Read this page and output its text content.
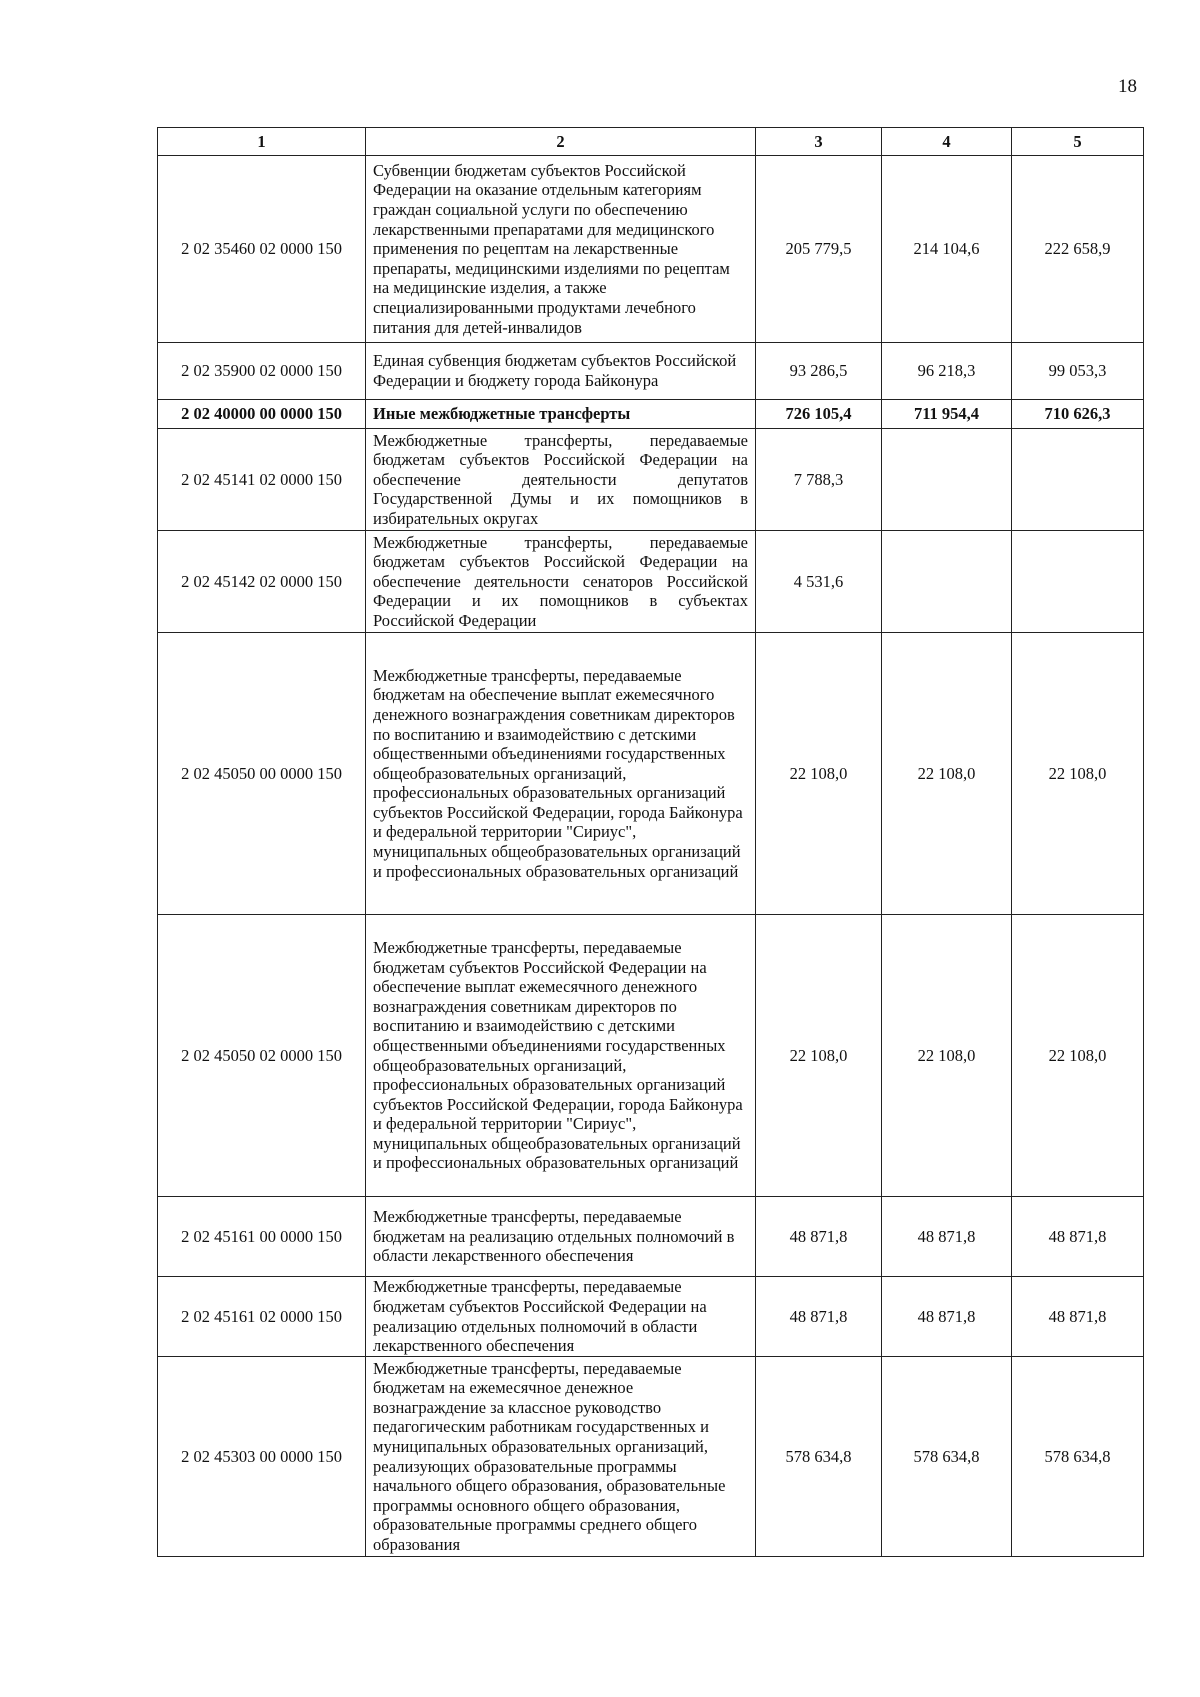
18
1	2	3	4	5
2 02 35460 02 0000 150	Субвенции бюджетам субъектов Российской Федерации на оказание отдельным категориям граждан социальной услуги по обеспечению лекарственными препаратами для медицинского применения по рецептам на лекарственные препараты, медицинскими изделиями по рецептам на медицинские изделия, а также специализированными продуктами лечебного питания для детей-инвалидов	205 779,5	214 104,6	222 658,9
2 02 35900 02 0000 150	Единая субвенция бюджетам субъектов Российской Федерации и бюджету города Байконура	93 286,5	96 218,3	99 053,3
2 02 40000 00 0000 150	Иные межбюджетные трансферты	726 105,4	711 954,4	710 626,3
2 02 45141 02 0000 150	Межбюджетные трансферты, передаваемые бюджетам субъектов Российской Федерации на обеспечение деятельности депутатов Государственной Думы и их помощников в избирательных округах	7 788,3		
2 02 45142 02 0000 150	Межбюджетные трансферты, передаваемые бюджетам субъектов Российской Федерации на обеспечение деятельности сенаторов Российской Федерации и их помощников в субъектах Российской Федерации	4 531,6		
2 02 45050 00 0000 150	Межбюджетные трансферты, передаваемые бюджетам на обеспечение выплат ежемесячного денежного вознаграждения советникам директоров по воспитанию и взаимодействию с детскими общественными объединениями государственных общеобразовательных организаций, профессиональных образовательных организаций субъектов Российской Федерации, города Байконура и федеральной территории "Сириус", муниципальных общеобразовательных организаций и профессиональных образовательных организаций	22 108,0	22 108,0	22 108,0
2 02 45050 02 0000 150	Межбюджетные трансферты, передаваемые бюджетам субъектов Российской Федерации на обеспечение выплат ежемесячного денежного вознаграждения советникам директоров по воспитанию и взаимодействию с детскими общественными объединениями государственных общеобразовательных организаций, профессиональных образовательных организаций субъектов Российской Федерации, города Байконура и федеральной территории "Сириус", муниципальных общеобразовательных организаций и профессиональных образовательных организаций	22 108,0	22 108,0	22 108,0
2 02 45161 00 0000 150	Межбюджетные трансферты, передаваемые бюджетам на реализацию отдельных полномочий в области лекарственного обеспечения	48 871,8	48 871,8	48 871,8
2 02 45161 02 0000 150	Межбюджетные трансферты, передаваемые бюджетам субъектов Российской Федерации на реализацию отдельных полномочий в области лекарственного обеспечения	48 871,8	48 871,8	48 871,8
2 02 45303 00 0000 150	Межбюджетные трансферты, передаваемые бюджетам на ежемесячное денежное вознаграждение за классное руководство педагогическим работникам государственных и муниципальных образовательных организаций, реализующих образовательные программы начального общего образования, образовательные программы основного общего образования, образовательные программы среднего общего образования	578 634,8	578 634,8	578 634,8
